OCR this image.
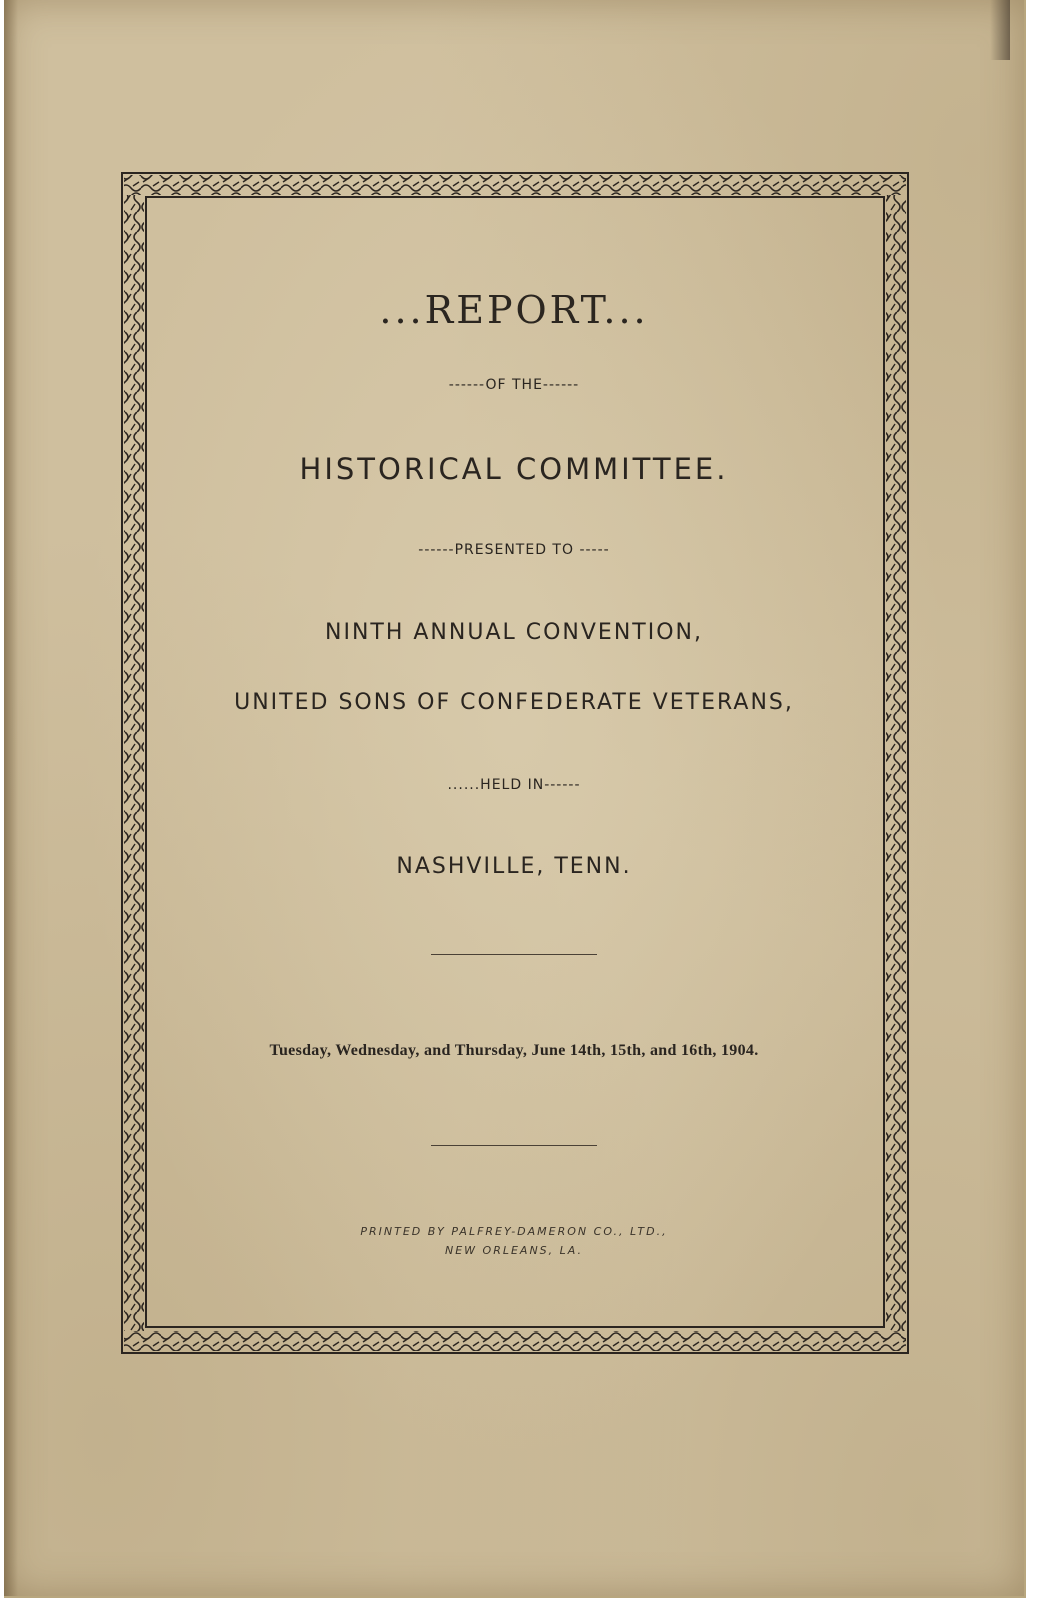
...REPORT...
------OF THE------
HISTORICAL COMMITTEE.
------PRESENTED TO -----
NINTH ANNUAL CONVENTION,
UNITED SONS OF CONFEDERATE VETERANS,
......HELD IN------
NASHVILLE, TENN.
Tuesday, Wednesday, and Thursday, June 14th, 15th, and 16th, 1904.
PRINTED BY PALFREY-DAMERON CO., LTD.,
NEW ORLEANS, LA.
